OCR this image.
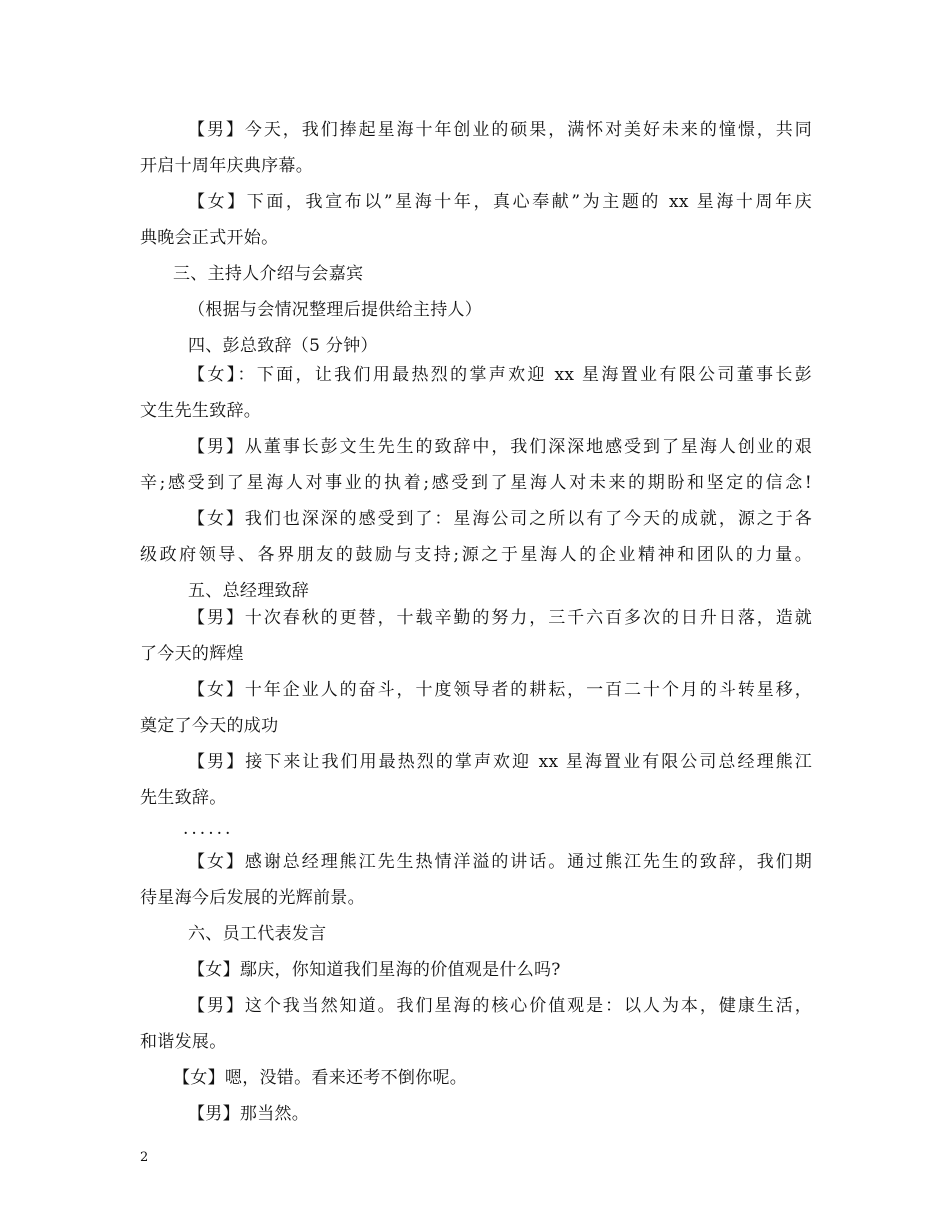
【男】今天，我们捧起星海十年创业的硕果，满怀对美好未来的憧憬，共同
开启十周年庆典序幕。
【女】下面，我宣布以”星海十年，真心奉献”为主题的 xx 星海十周年庆
典晚会正式开始。
三、主持人介绍与会嘉宾
（根据与会情况整理后提供给主持人）
四、彭总致辞（5 分钟）
【女】：下面，让我们用最热烈的掌声欢迎 xx 星海置业有限公司董事长彭
文生先生致辞。
【男】从董事长彭文生先生的致辞中，我们深深地感受到了星海人创业的艰
辛;感受到了星海人对事业的执着;感受到了星海人对未来的期盼和坚定的信念!
【女】我们也深深的感受到了：星海公司之所以有了今天的成就，源之于各
级政府领导、各界朋友的鼓励与支持;源之于星海人的企业精神和团队的力量。
五、总经理致辞
【男】十次春秋的更替，十载辛勤的努力，三千六百多次的日升日落，造就
了今天的辉煌
【女】十年企业人的奋斗，十度领导者的耕耘，一百二十个月的斗转星移，
奠定了今天的成功
【男】接下来让我们用最热烈的掌声欢迎 xx 星海置业有限公司总经理熊江
先生致辞。
......
【女】感谢总经理熊江先生热情洋溢的讲话。通过熊江先生的致辞，我们期
待星海今后发展的光辉前景。
六、员工代表发言
【女】鄢庆，你知道我们星海的价值观是什么吗?
【男】这个我当然知道。我们星海的核心价值观是：以人为本，健康生活，
和谐发展。
【女】嗯，没错。看来还考不倒你呢。
【男】那当然。
2
